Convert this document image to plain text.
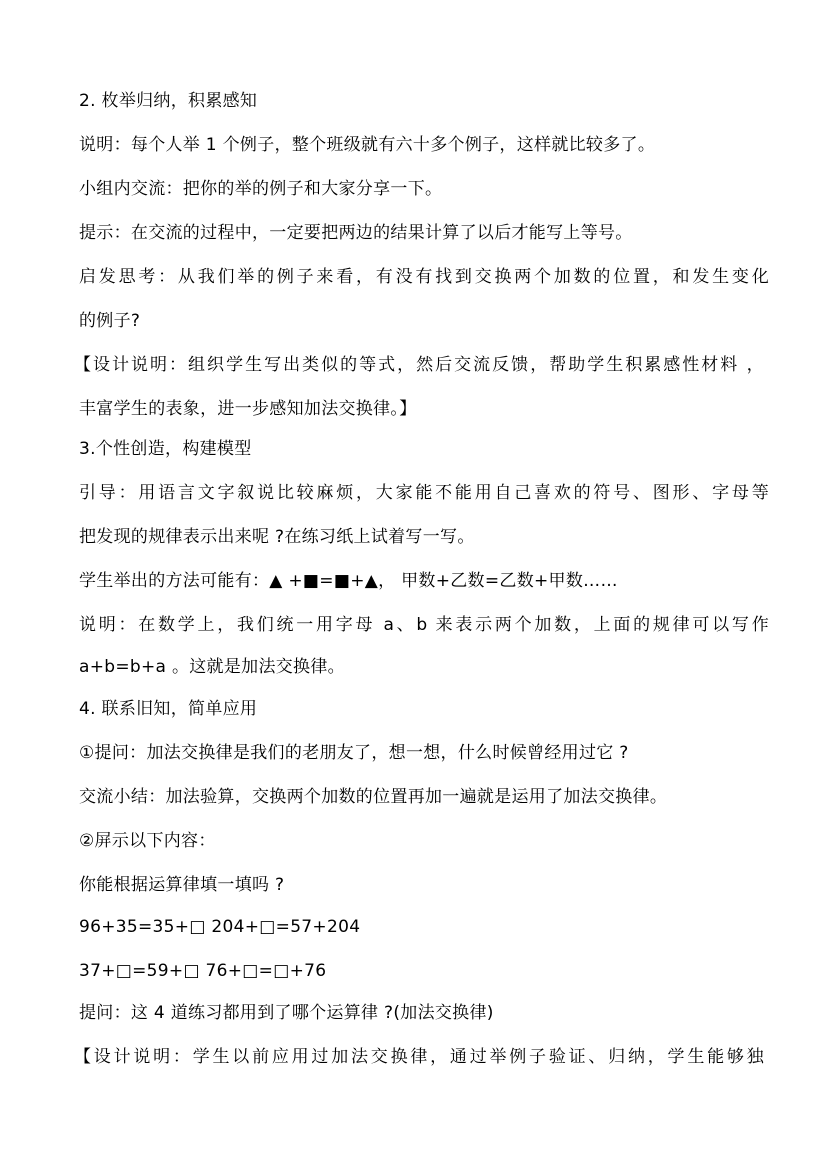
2. 枚举归纳，积累感知
说明：每个人举 1 个例子，整个班级就有六十多个例子，这样就比较多了。
小组内交流：把你的举的例子和大家分享一下。
提示：在交流的过程中，一定要把两边的结果计算了以后才能写上等号。
启发思考：从我们举的例子来看，有没有找到交换两个加数的位置，和发生变化
的例子?
【设计说明：组织学生写出类似的等式，然后交流反馈，帮助学生积累感性材料 ，
丰富学生的表象，进一步感知加法交换律。】
3.个性创造，构建模型
引导：用语言文字叙说比较麻烦，大家能不能用自己喜欢的符号、图形、字母等
把发现的规律表示出来呢 ?在练习纸上试着写一写。
学生举出的方法可能有：▲ +■=■+▲， 甲数+乙数=乙数+甲数……
说明：在数学上，我们统一用字母 a、b 来表示两个加数，上面的规律可以写作
a+b=b+a 。这就是加法交换律。
4. 联系旧知，简单应用
①提问：加法交换律是我们的老朋友了，想一想，什么时候曾经用过它 ?
交流小结：加法验算，交换两个加数的位置再加一遍就是运用了加法交换律。
②屏示以下内容：
你能根据运算律填一填吗 ?
96+35=35+□ 204+□=57+204
37+□=59+□ 76+□=□+76
提问：这 4 道练习都用到了哪个运算律 ?(加法交换律)
【设计说明：学生以前应用过加法交换律，通过举例子验证、归纳，学生能够独
